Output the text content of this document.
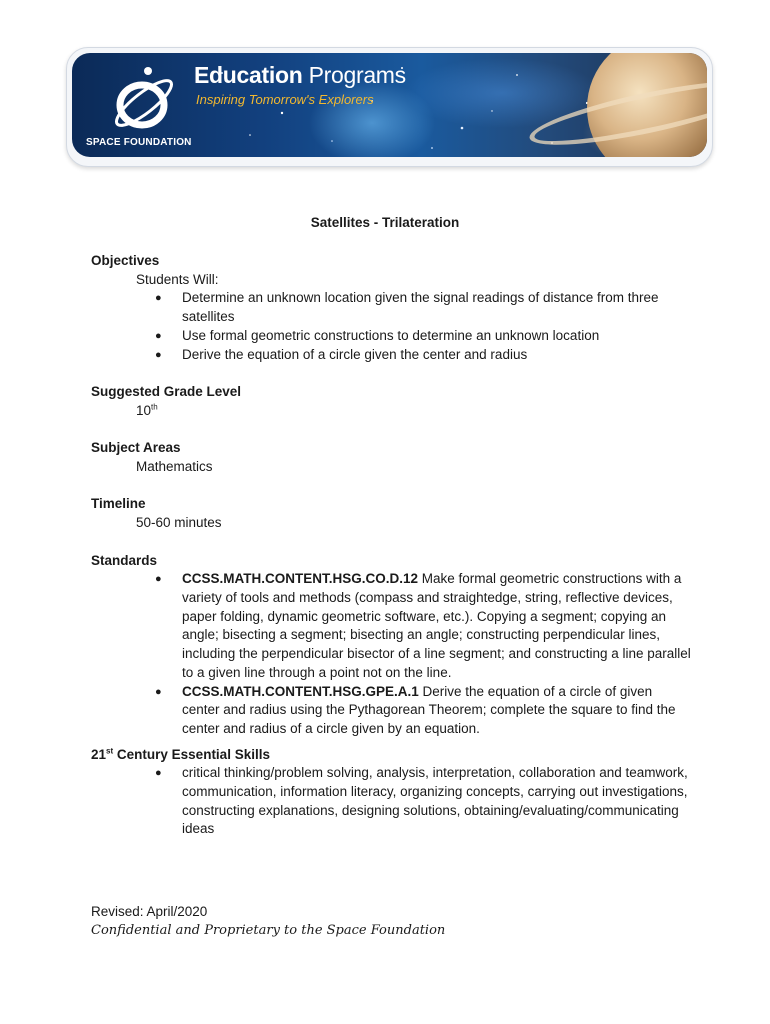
SPACE FOUNDATION
Education Programs
Inspiring Tomorrow's Explorers
Satellites - Trilateration

Objectives

Students Will:

● Determine an unknown location given the signal readings of distance from three satellites
● Use formal geometric constructions to determine an unknown location
● Derive the equation of a circle given the center and radius

Suggested Grade Level

10th

Subject Areas

Mathematics

Timeline

50-60 minutes

Standards

● CCSS.MATH.CONTENT.HSG.CO.D.12 Make formal geometric constructions with a variety of tools and methods (compass and straightedge, string, reflective devices, paper folding, dynamic geometric software, etc.). Copying a segment; copying an angle; bisecting a segment; bisecting an angle; constructing perpendicular lines, including the perpendicular bisector of a line segment; and constructing a line parallel to a given line through a point not on the line.
● CCSS.MATH.CONTENT.HSG.GPE.A.1 Derive the equation of a circle of given center and radius using the Pythagorean Theorem; complete the square to find the center and radius of a circle given by an equation.

21st Century Essential Skills

● critical thinking/problem solving, analysis, interpretation, collaboration and teamwork, communication, information literacy, organizing concepts, carrying out investigations, constructing explanations, designing solutions, obtaining/evaluating/communicating ideas
Revised: April/2020
Confidential and Proprietary to the Space Foundation
